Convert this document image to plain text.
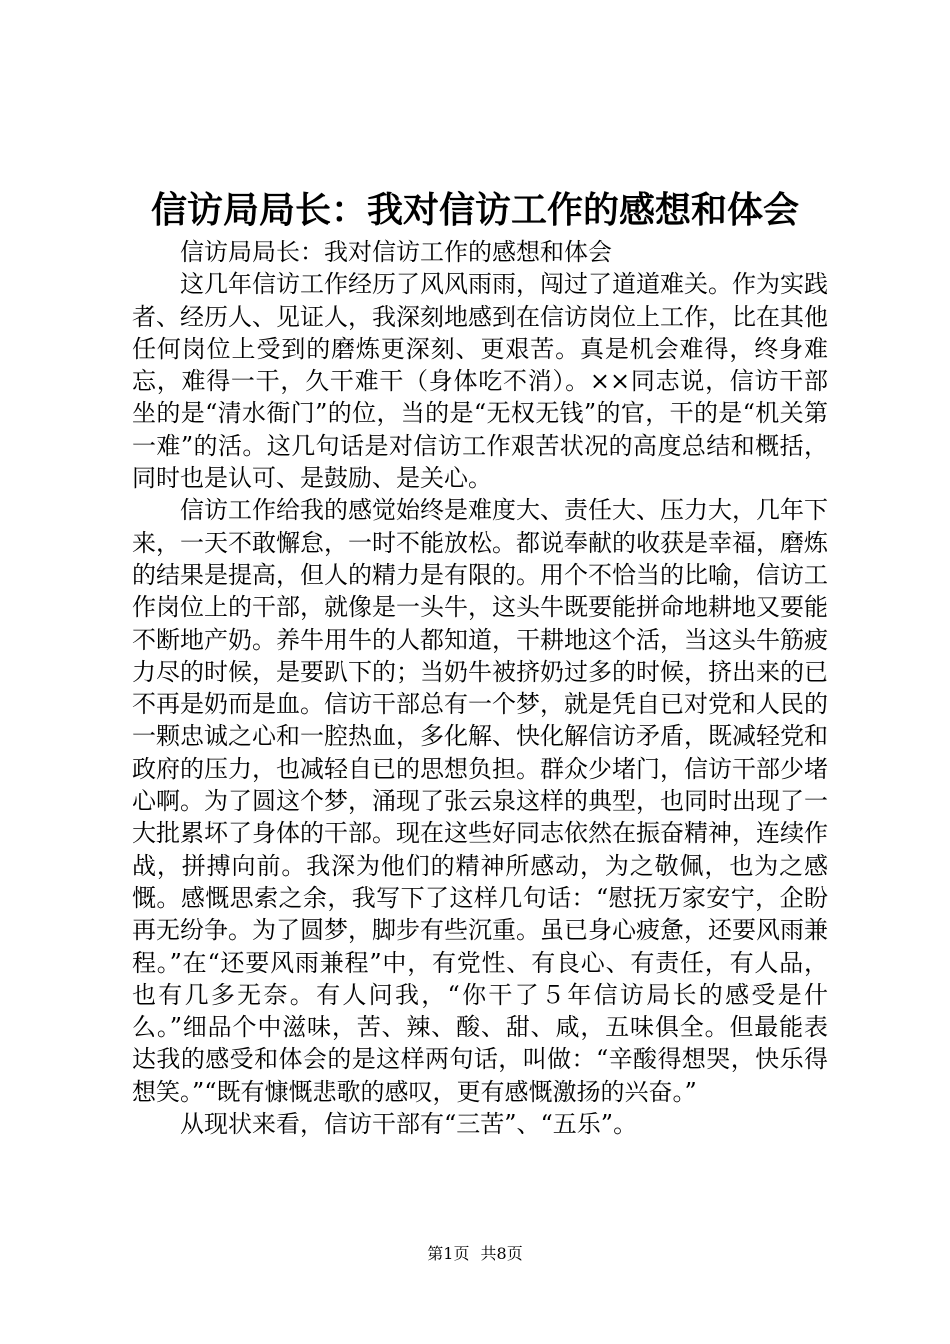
信访局局长：我对信访工作的感想和体会

信访局局长：我对信访工作的感想和体会

这几年信访工作经历了风风雨雨，闯过了道道难关。作为实践者、经历人、见证人，我深刻地感到在信访岗位上工作，比在其他任何岗位上受到的磨炼更深刻、更艰苦。真是机会难得，终身难忘，难得一干，久干难干（身体吃不消）。××同志说，信访干部坐的是“清水衙门”的位，当的是“无权无钱”的官，干的是“机关第一难”的活。这几句话是对信访工作艰苦状况的高度总结和概括，同时也是认可、是鼓励、是关心。

信访工作给我的感觉始终是难度大、责任大、压力大，几年下来，一天不敢懈怠，一时不能放松。都说奉献的收获是幸福，磨炼的结果是提高，但人的精力是有限的。用个不恰当的比喻，信访工作岗位上的干部，就像是一头牛，这头牛既要能拼命地耕地又要能不断地产奶。养牛用牛的人都知道，干耕地这个活，当这头牛筋疲力尽的时候，是要趴下的；当奶牛被挤奶过多的时候，挤出来的已不再是奶而是血。信访干部总有一个梦，就是凭自已对党和人民的一颗忠诚之心和一腔热血，多化解、快化解信访矛盾，既减轻党和政府的压力，也减轻自已的思想负担。群众少堵门，信访干部少堵心啊。为了圆这个梦，涌现了张云泉这样的典型，也同时出现了一大批累坏了身体的干部。现在这些好同志依然在振奋精神，连续作战，拼搏向前。我深为他们的精神所感动，为之敬佩，也为之感慨。感慨思索之余，我写下了这样几句话：“慰抚万家安宁，企盼再无纷争。为了圆梦，脚步有些沉重。虽已身心疲惫，还要风雨兼程。”在“还要风雨兼程”中，有党性、有良心、有责任，有人品，也有几多无奈。有人问我，“你干了５年信访局长的感受是什么。”细品个中滋味，苦、辣、酸、甜、咸，五味俱全。但最能表达我的感受和体会的是这样两句话，叫做：“辛酸得想哭，快乐得想笑。”“既有慷慨悲歌的感叹，更有感慨激扬的兴奋。”

从现状来看，信访干部有“三苦”、“五乐”。

第1页 共8页
